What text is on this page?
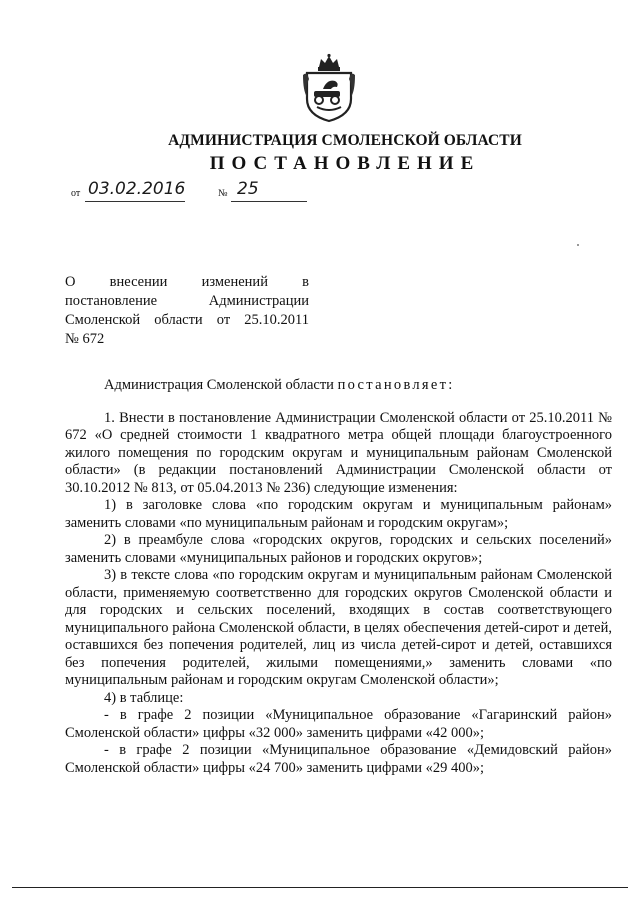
АДМИНИСТРАЦИЯ СМОЛЕНСКОЙ ОБЛАСТИ
ПОСТАНОВЛЕНИЕ
от 03.02.2016	№ 25
О внесении изменений в
постановление Администрации
Смоленской области от 25.10.2011
№ 672

Администрация Смоленской области постановляет:

1. Внести в постановление Администрации Смоленской области от 25.10.2011 № 672 «О средней стоимости 1 квадратного метра общей площади благоустроенного жилого помещения по городским округам и муниципальным районам Смоленской области» (в редакции постановлений Администрации Смоленской области от 30.10.2012 № 813, от 05.04.2013 № 236) следующие изменения:

1) в заголовке слова «по городским округам и муниципальным районам» заменить словами «по муниципальным районам и городским округам»;

2) в преамбуле слова «городских округов, городских и сельских поселений» заменить словами «муниципальных районов и городских округов»;

3) в тексте слова «по городским округам и муниципальным районам Смоленской области, применяемую соответственно для городских округов Смоленской области и для городских и сельских поселений, входящих в состав соответствующего муниципального района Смоленской области, в целях обеспечения детей-сирот и детей, оставшихся без попечения родителей, лиц из числа детей-сирот и детей, оставшихся без попечения родителей, жилыми помещениями,» заменить словами «по муниципальным районам и городским округам Смоленской области»;

4) в таблице:

- в графе 2 позиции «Муниципальное образование «Гагаринский район» Смоленской области» цифры «32 000» заменить цифрами «42 000»;

- в графе 2 позиции «Муниципальное образование «Демидовский район» Смоленской области» цифры «24 700» заменить цифрами «29 400»;
